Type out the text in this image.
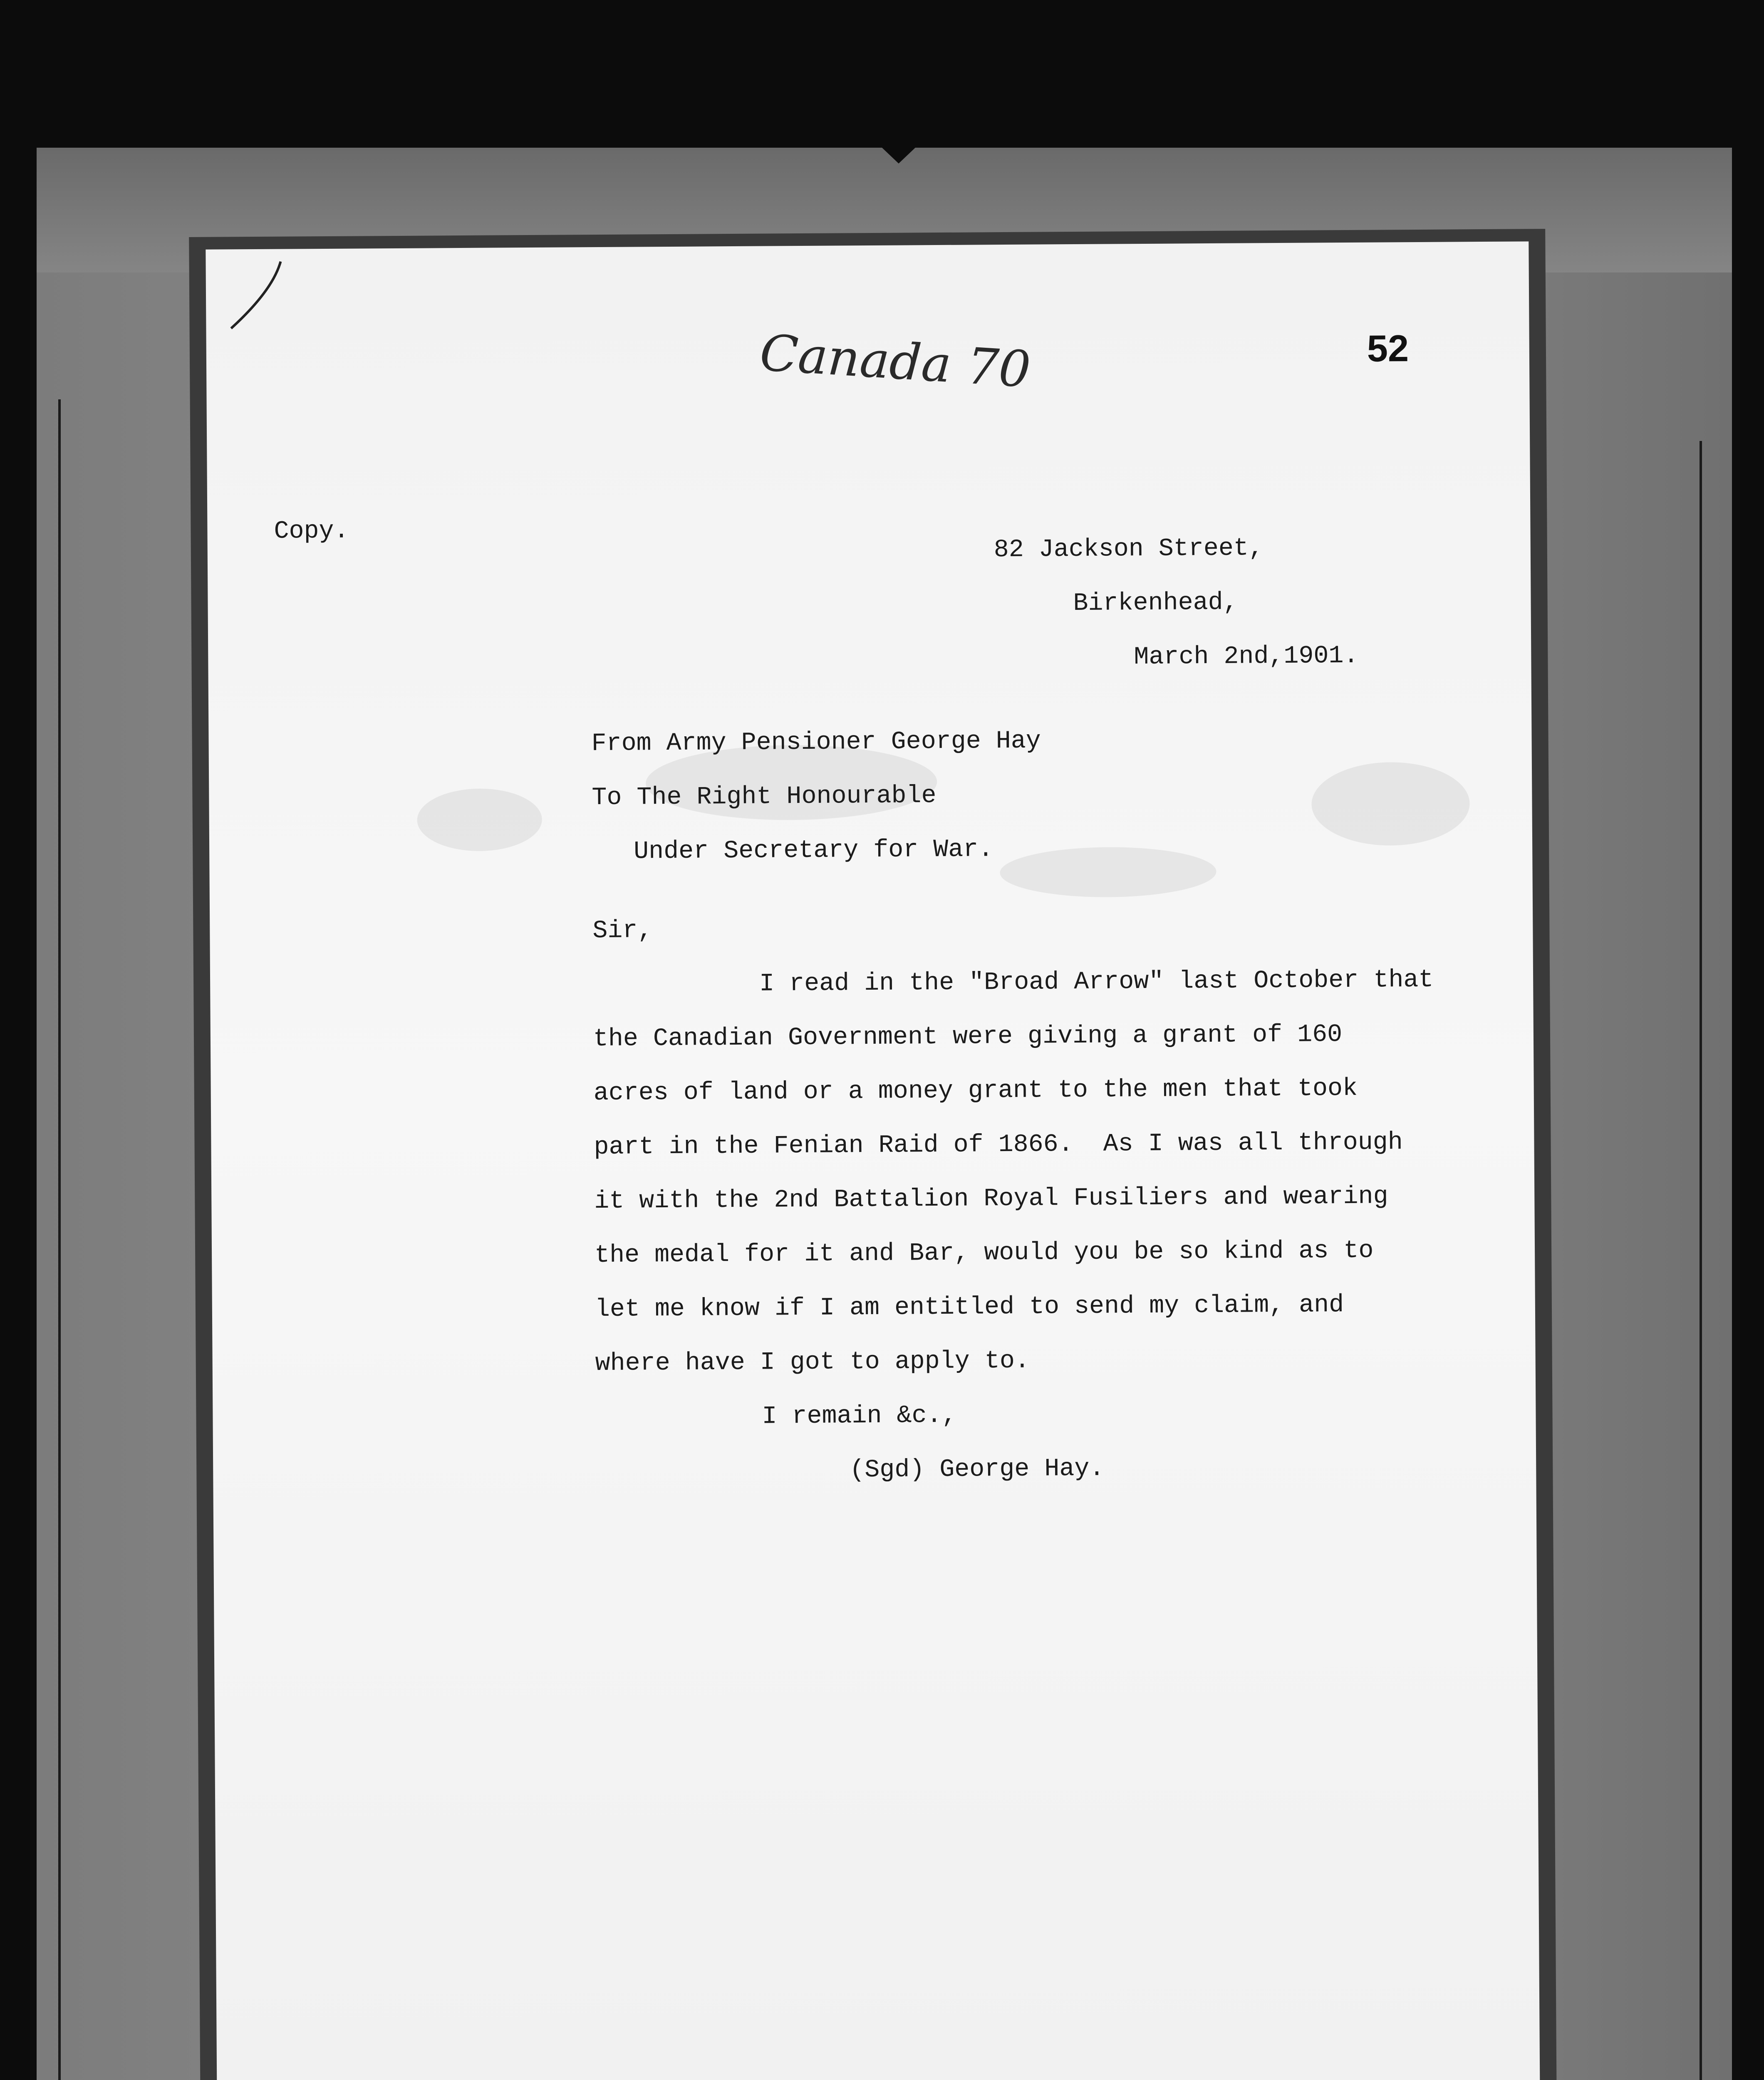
Canada 70	52
Copy.
82 Jackson Street,
Birkenhead,
March 2nd,1901.
From Army Pensioner George Hay
To The Right Honourable
Under Secretary for War.
Sir,
I read in the "Broad Arrow" last October that
the Canadian Government were giving a grant of 160
acres of land or a money grant to the men that took
part in the Fenian Raid of 1866.  As I was all through
it with the 2nd Battalion Royal Fusiliers and wearing
the medal for it and Bar, would you be so kind as to
let me know if I am entitled to send my claim, and
where have I got to apply to.
I remain &c.,
(Sgd) George Hay.
